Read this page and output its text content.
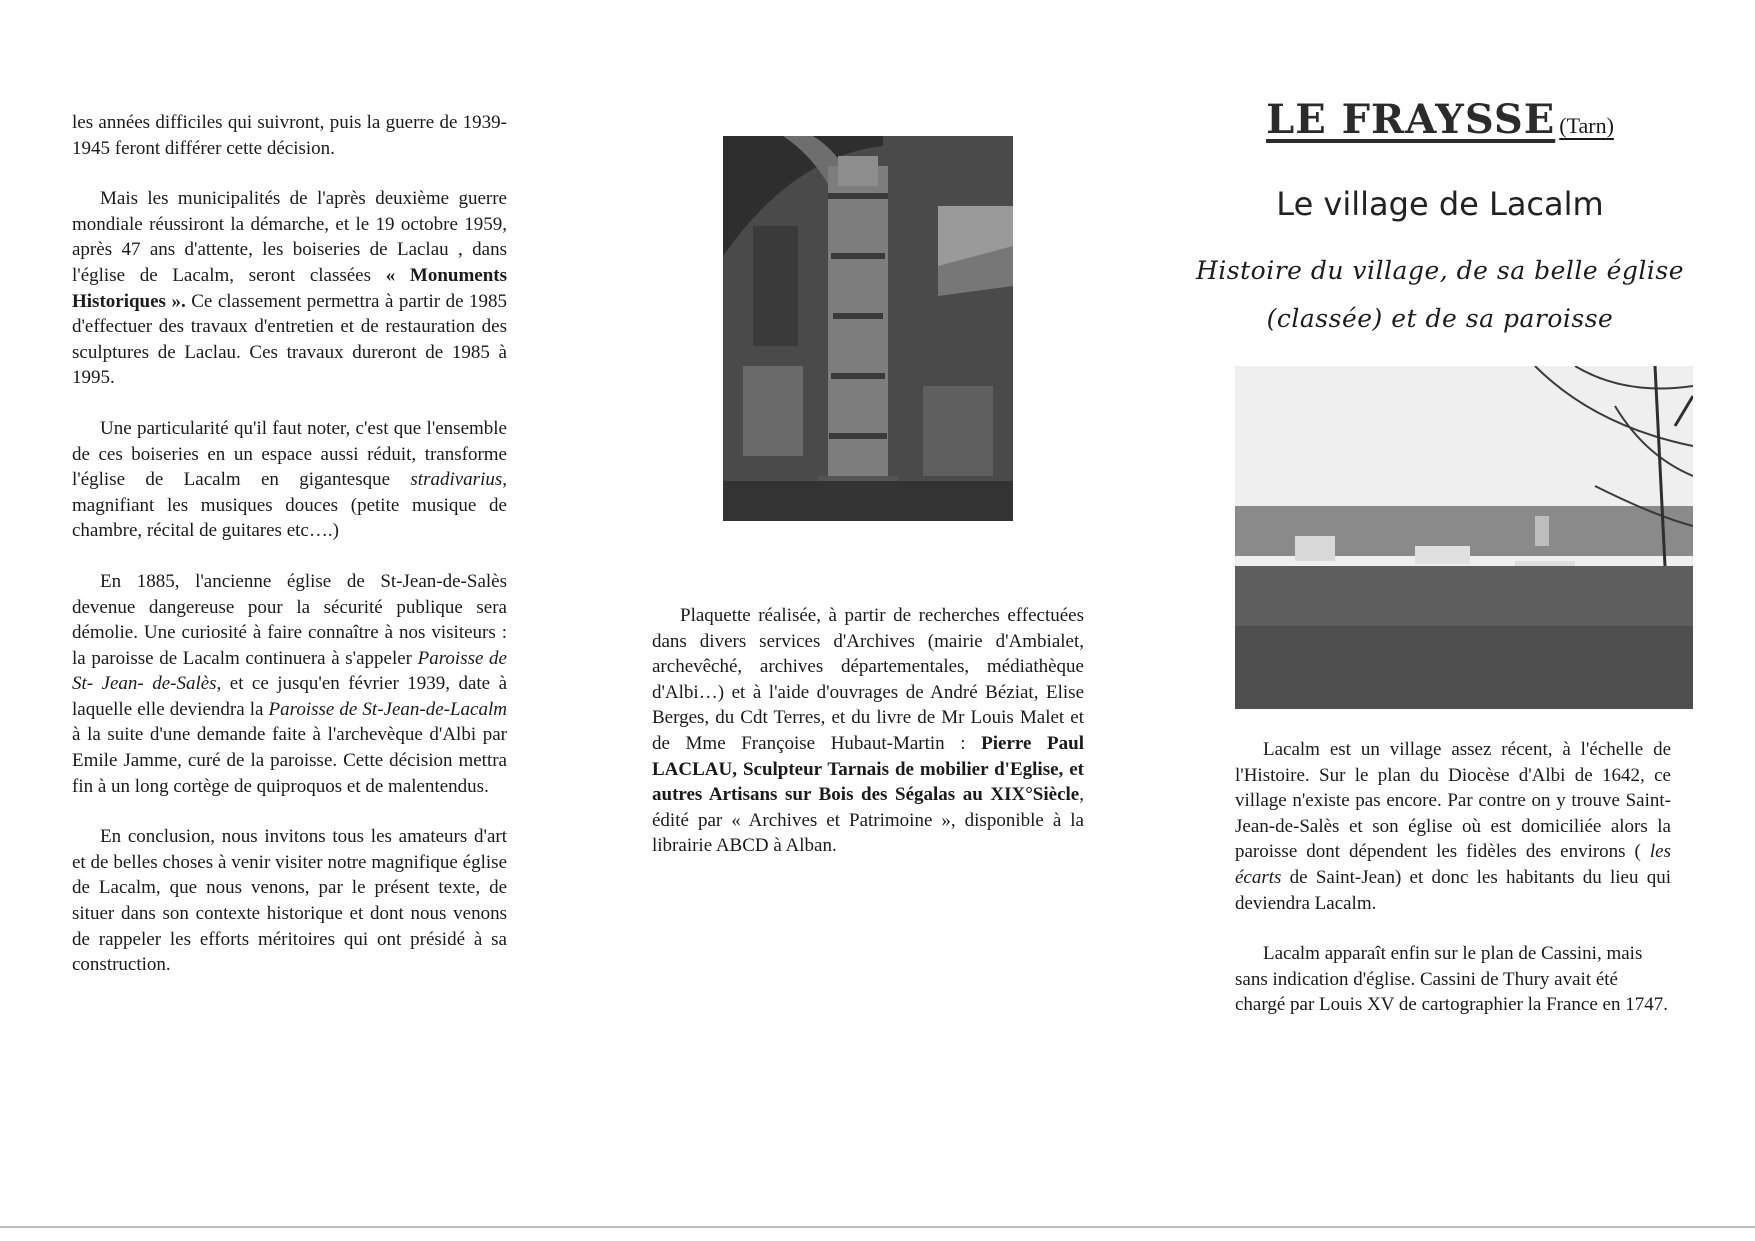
les années difficiles qui suivront, puis la guerre de 1939-1945 feront différer cette décision.

Mais les municipalités de l'après deuxième guerre mondiale réussiront la démarche, et le 19 octobre 1959, après 47 ans d'attente, les boiseries de Laclau , dans l'église de Lacalm, seront classées « Monuments Historiques ». Ce classement permettra à partir de 1985 d'effectuer des travaux d'entretien et de restauration des sculptures de Laclau. Ces travaux dureront de 1985 à 1995.

Une particularité qu'il faut noter, c'est que l'ensemble de ces boiseries en un espace aussi réduit, transforme l'église de Lacalm en gigantesque stradivarius, magnifiant les musiques douces (petite musique de chambre, récital de guitares etc….)

En 1885, l'ancienne église de St-Jean-de-Salès devenue dangereuse pour la sécurité publique sera démolie. Une curiosité à faire connaître à nos visiteurs : la paroisse de Lacalm continuera à s'appeler Paroisse de St- Jean- de-Salès, et ce jusqu'en février 1939, date à laquelle elle deviendra la Paroisse de St-Jean-de-Lacalm à la suite d'une demande faite à l'archevèque d'Albi par Emile Jamme, curé de la paroisse. Cette décision mettra fin à un long cortège de quiproquos et de malentendus.

En conclusion, nous invitons tous les amateurs d'art et de belles choses à venir visiter notre magnifique église de Lacalm, que nous venons, par le présent texte, de situer dans son contexte historique et dont nous venons de rappeler les efforts méritoires qui ont présidé à sa construction.

Plaquette réalisée, à partir de recherches effectuées dans divers services d'Archives (mairie d'Ambialet, archevêché, archives départementales, médiathèque d'Albi…) et à l'aide d'ouvrages de André Béziat, Elise Berges, du Cdt Terres, et du livre de Mr Louis Malet et de Mme Françoise Hubaut-Martin : Pierre Paul LACLAU, Sculpteur Tarnais de mobilier d'Eglise, et autres Artisans sur Bois des Ségalas au XIX°Siècle, édité par « Archives et Patrimoine », disponible à la librairie ABCD à Alban.

LE FRAYSSE (Tarn)
Le village de Lacalm
Histoire du village, de sa belle église
(classée) et de sa paroisse

Lacalm est un village assez récent, à l'échelle de l'Histoire. Sur le plan du Diocèse d'Albi de 1642, ce village n'existe pas encore. Par contre on y trouve Saint-Jean-de-Salès et son église où est domiciliée alors la paroisse dont dépendent les fidèles des environs ( les écarts de Saint-Jean) et donc les habitants du lieu qui deviendra Lacalm.

Lacalm apparaît enfin sur le plan de Cassini, mais sans indication d'église. Cassini de Thury avait été chargé par Louis XV de cartographier la France en 1747.
